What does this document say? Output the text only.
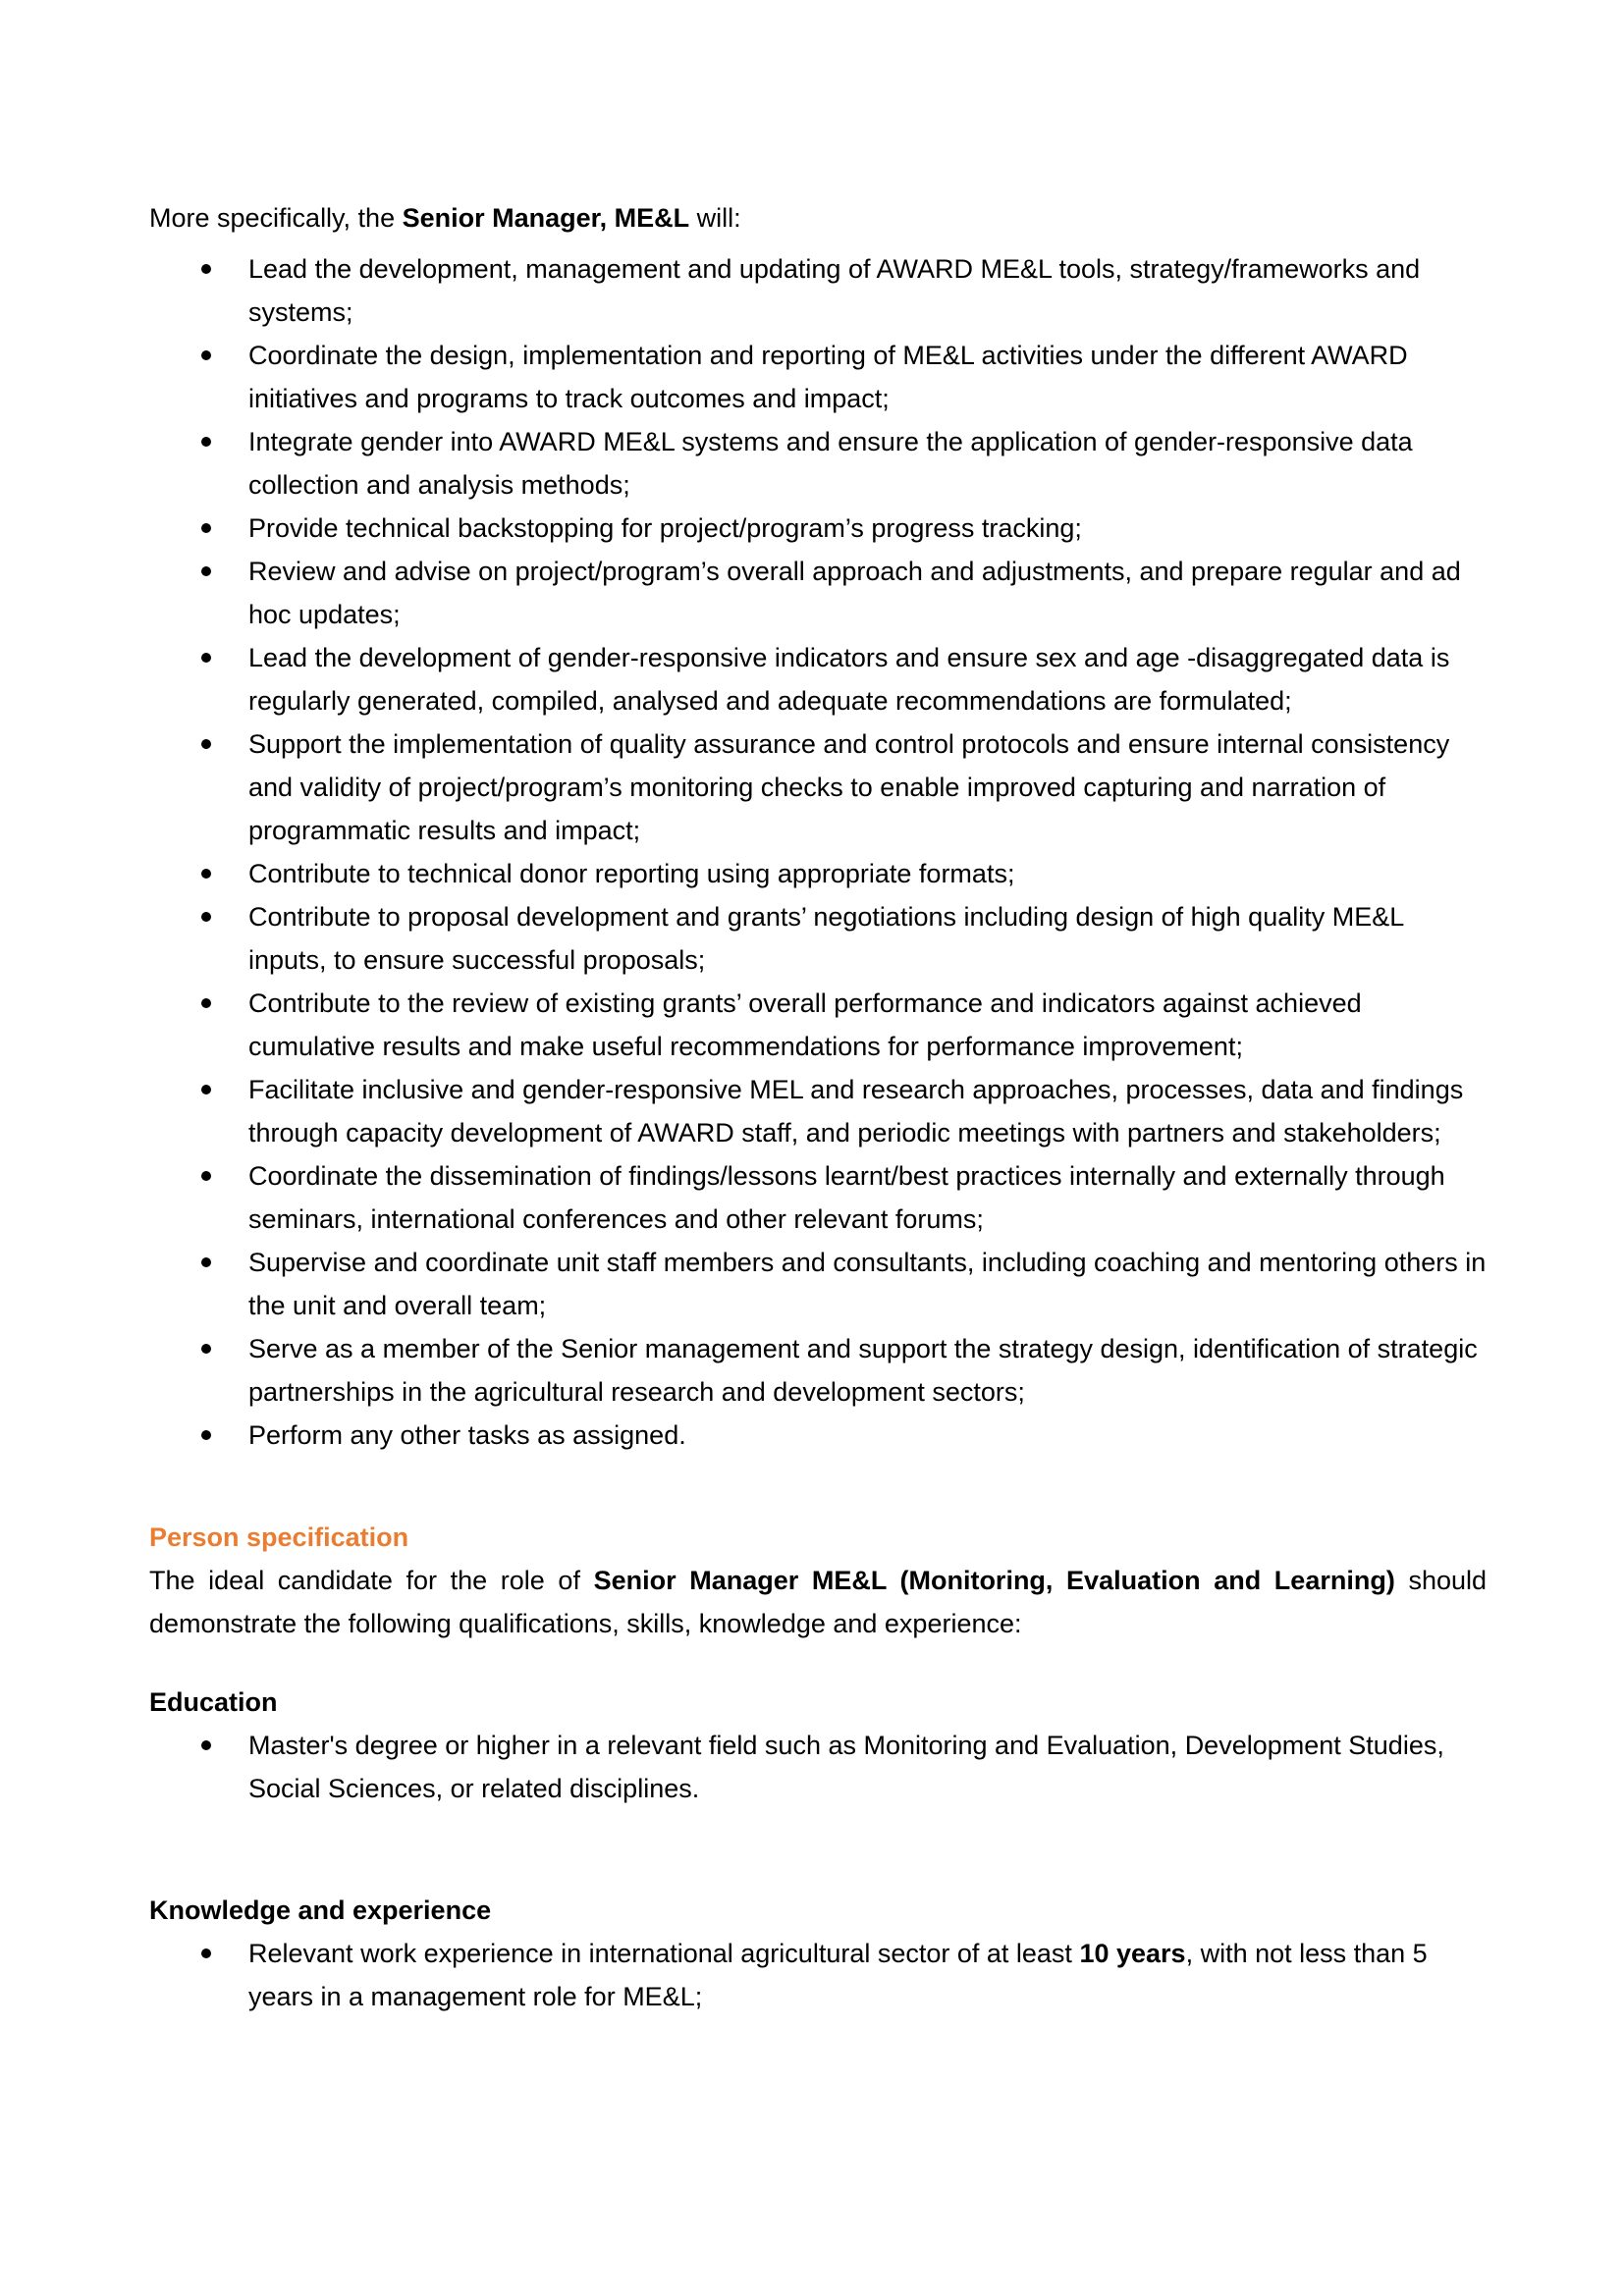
More specifically, the Senior Manager, ME&L will:

Lead the development, management and updating of AWARD ME&L tools, strategy/frameworks and systems;
Coordinate the design, implementation and reporting of ME&L activities under the different AWARD initiatives and programs to track outcomes and impact;
Integrate gender into AWARD ME&L systems and ensure the application of gender-responsive data collection and analysis methods;
Provide technical backstopping for project/program’s progress tracking;
Review and advise on project/program’s overall approach and adjustments, and prepare regular and ad hoc updates;
Lead the development of gender-responsive indicators and ensure sex and age -disaggregated data is regularly generated, compiled, analysed and adequate recommendations are formulated;
Support the implementation of quality assurance and control protocols and ensure internal consistency and validity of project/program’s monitoring checks to enable improved capturing and narration of programmatic results and impact;
Contribute to technical donor reporting using appropriate formats;
Contribute to proposal development and grants’ negotiations including design of high quality ME&L inputs, to ensure successful proposals;
Contribute to the review of existing grants’ overall performance and indicators against achieved cumulative results and make useful recommendations for performance improvement;
Facilitate inclusive and gender-responsive MEL and research approaches, processes, data and findings through capacity development of AWARD staff, and periodic meetings with partners and stakeholders;
Coordinate the dissemination of findings/lessons learnt/best practices internally and externally through seminars, international conferences and other relevant forums;
Supervise and coordinate unit staff members and consultants, including coaching and mentoring others in the unit and overall team;
Serve as a member of the Senior management and support the strategy design, identification of strategic partnerships in the agricultural research and development sectors;
Perform any other tasks as assigned.

Person specification

The ideal candidate for the role of Senior Manager ME&L (Monitoring, Evaluation and Learning) should demonstrate the following qualifications, skills, knowledge and experience:

Education

Master's degree or higher in a relevant field such as Monitoring and Evaluation, Development Studies, Social Sciences, or related disciplines.

Knowledge and experience

Relevant work experience in international agricultural sector of at least 10 years, with not less than 5 years in a management role for ME&L;
